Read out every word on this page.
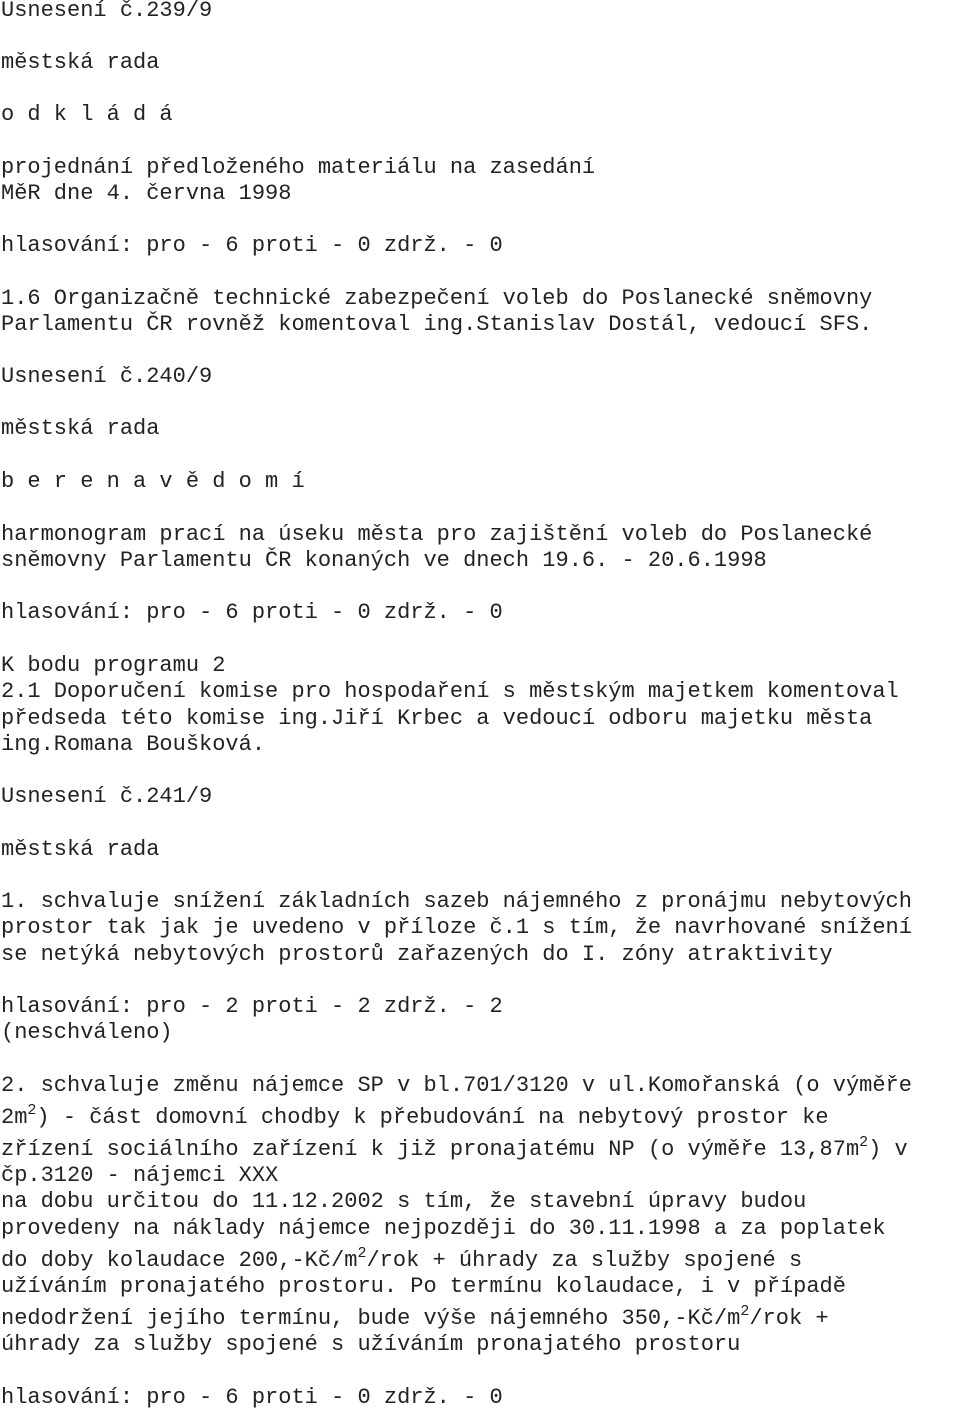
Usnesení č.239/9
městská rada
o d k l á d á
projednání předloženého materiálu na zasedání
MěR dne 4. června 1998
hlasování: pro - 6 proti - 0 zdrž. - 0
1.6 Organizačně technické zabezpečení voleb do Poslanecké sněmovny
Parlamentu ČR rovněž komentoval ing.Stanislav Dostál, vedoucí SFS.
Usnesení č.240/9
městská rada
b e r e n a v ě d o m í
harmonogram prací na úseku města pro zajištění voleb do Poslanecké
sněmovny Parlamentu ČR konaných ve dnech 19.6. - 20.6.1998
hlasování: pro - 6 proti - 0 zdrž. - 0
K bodu programu 2
2.1 Doporučení komise pro hospodaření s městským majetkem komentoval
předseda této komise ing.Jiří Krbec a vedoucí odboru majetku města
ing.Romana Boušková.
Usnesení č.241/9
městská rada
1. schvaluje snížení základních sazeb nájemného z pronájmu nebytových
prostor tak jak je uvedeno v příloze č.1 s tím, že navrhované snížení
se netýká nebytových prostorů zařazených do I. zóny atraktivity
hlasování: pro - 2 proti - 2 zdrž. - 2
(neschváleno)
2. schvaluje změnu nájemce SP v bl.701/3120 v ul.Komořanská (o výměře
$2m^2$) - část domovní chodby k přebudování na nebytový prostor ke
zřízení sociálního zařízení k již pronajatému NP (o výměře $13,87m^2$) v
čp.3120 - nájemci XXX
na dobu určitou do 11.12.2002 s tím, že stavební úpravy budou
provedeny na náklady nájemce nejpozději do 30.11.1998 a za poplatek
do doby kolaudace $200,-Kč/m^2$/rok + úhrady za služby spojené s
užíváním pronajatého prostoru. Po termínu kolaudace, i v případě
nedodržení jejího termínu, bude výše nájemného $350,-Kč/m^2$/rok +
úhrady za služby spojené s užíváním pronajatého prostoru
hlasování: pro - 6 proti - 0 zdrž. - 0
